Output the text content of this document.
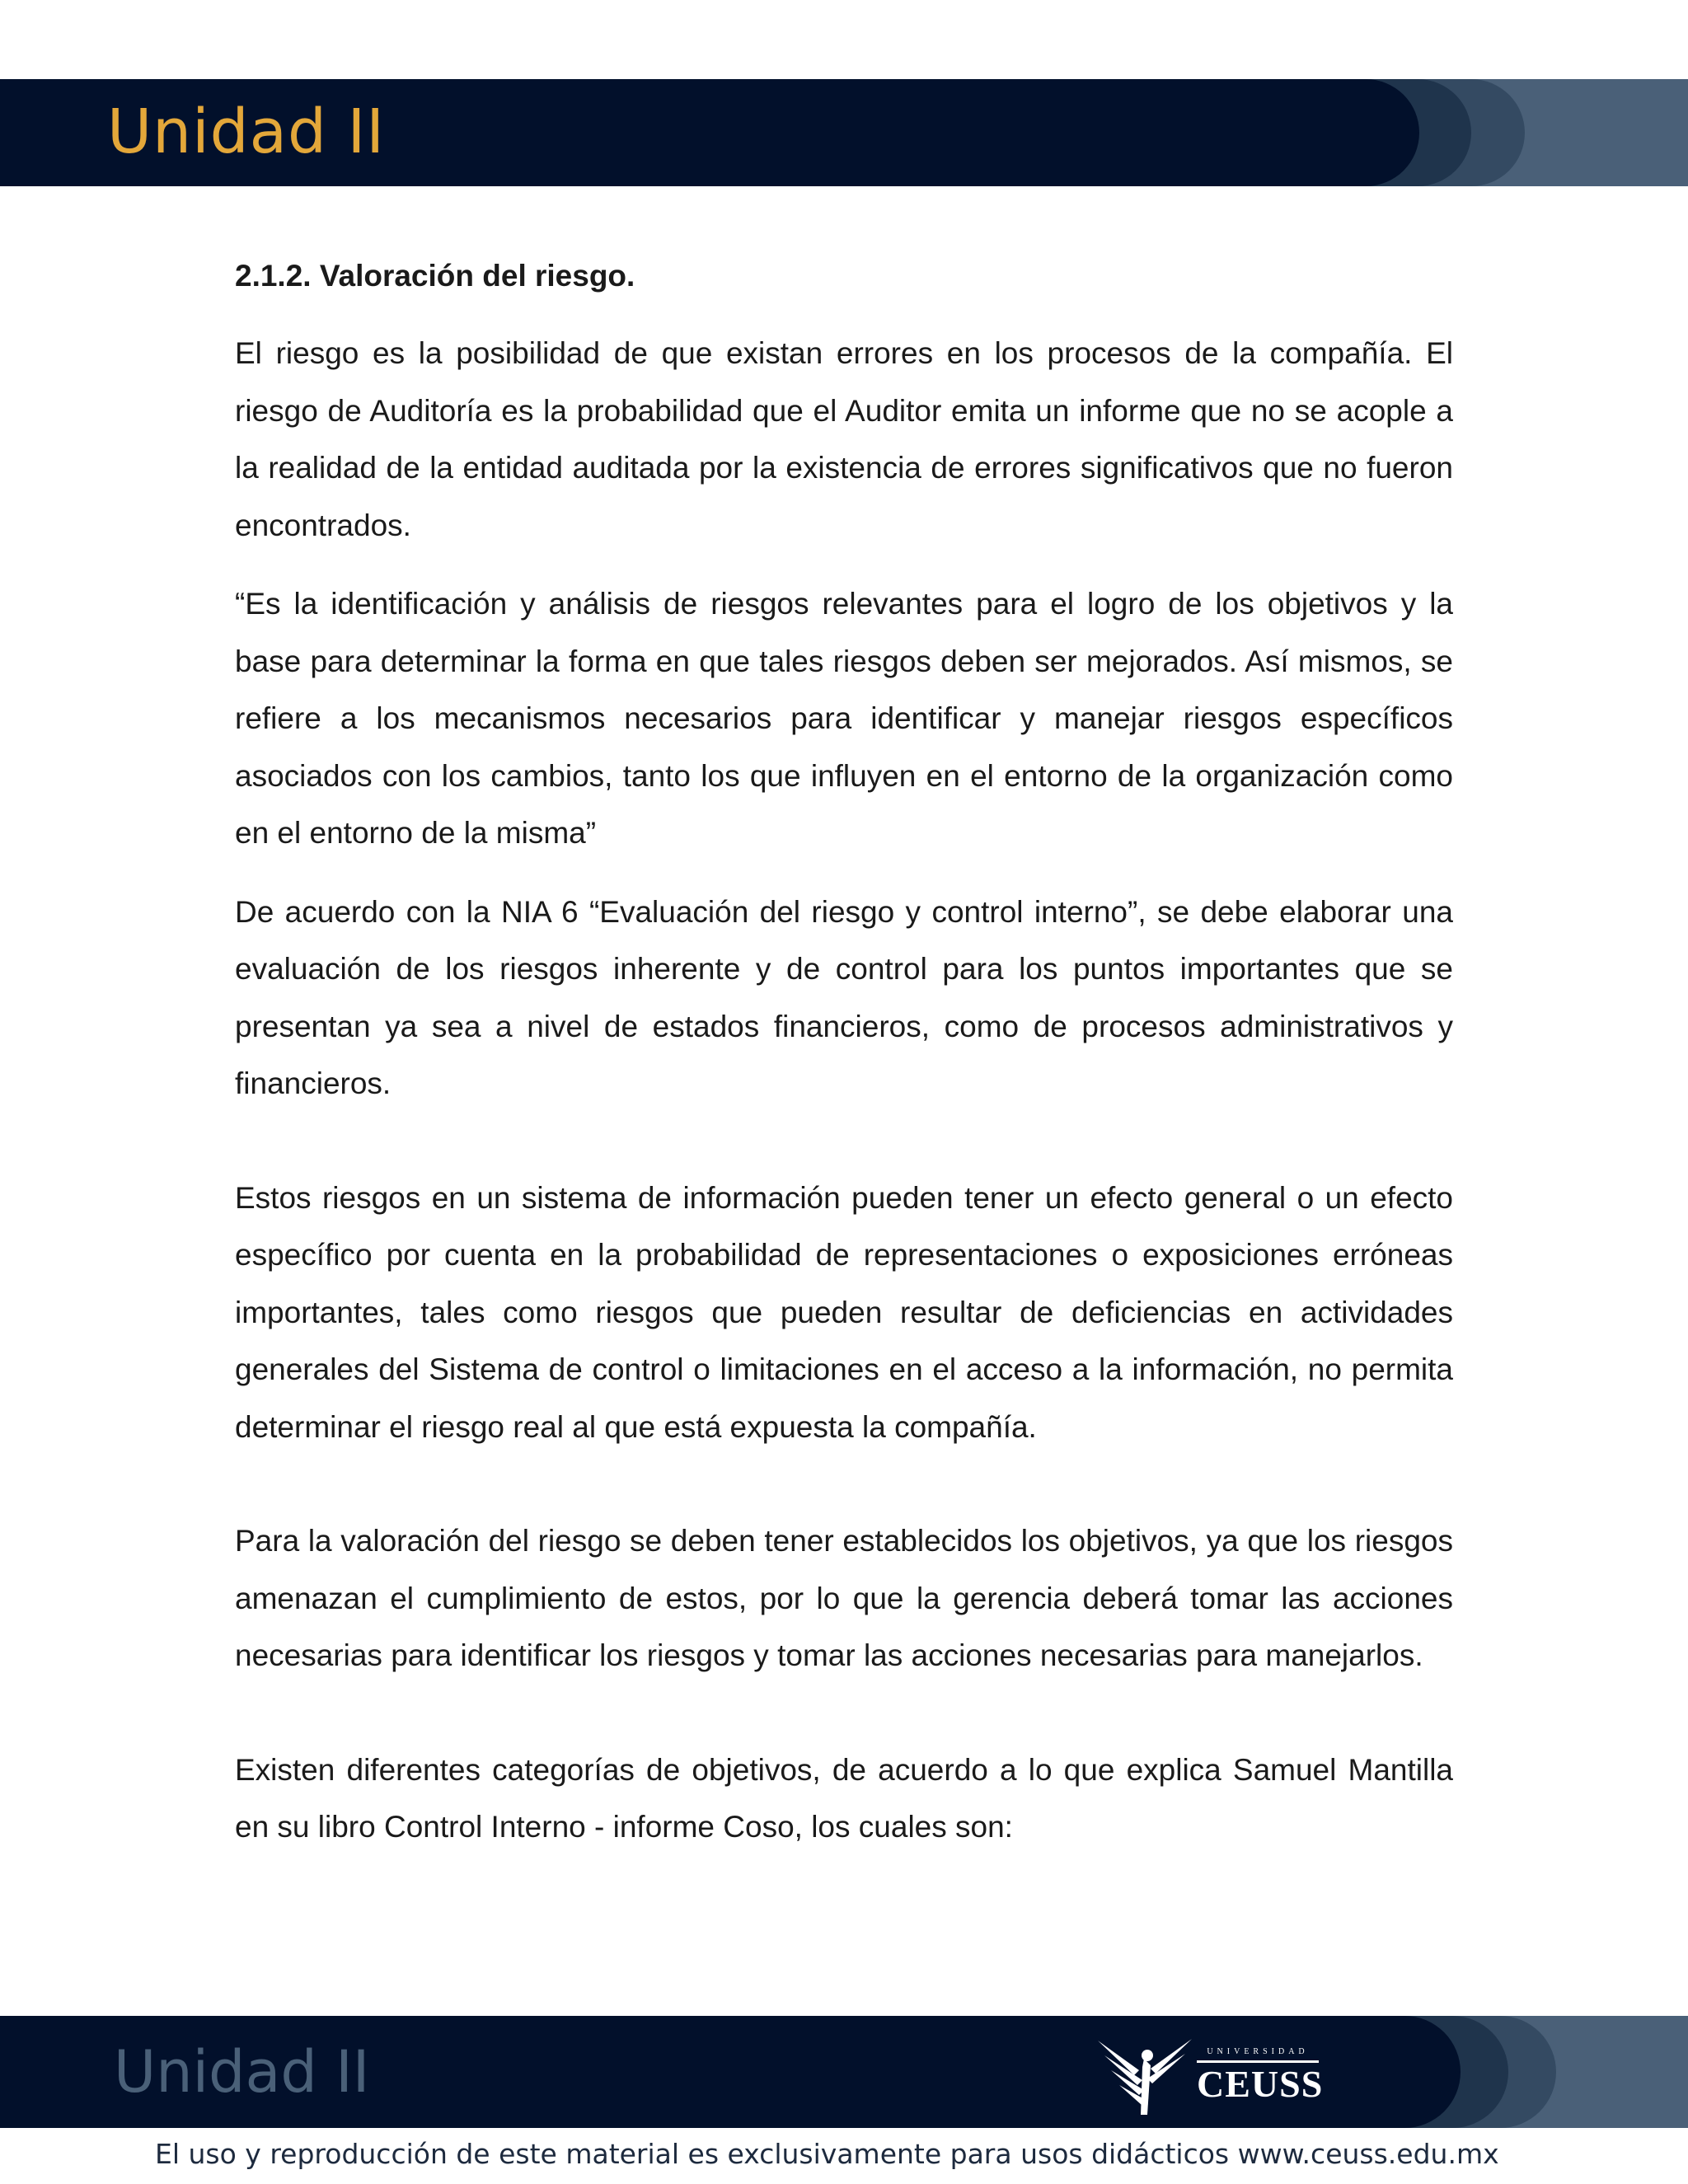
Unidad II
2.1.2. Valoración del riesgo.

El riesgo es la posibilidad de que existan errores en los procesos de la compañía. El riesgo de Auditoría es la probabilidad que el Auditor emita un informe que no se acople a la realidad de la entidad auditada por la existencia de errores significativos que no fueron encontrados.

“Es la identificación y análisis de riesgos relevantes para el logro de los objetivos y la base para determinar la forma en que tales riesgos deben ser mejorados. Así mismos, se refiere a los mecanismos necesarios para identificar y manejar riesgos específicos asociados con los cambios, tanto los que influyen en el entorno de la organización como en el entorno de la misma”

De acuerdo con la NIA 6 “Evaluación del riesgo y control interno”, se debe elaborar una evaluación de los riesgos inherente y de control para los puntos importantes que se presentan ya sea a nivel de estados financieros, como de procesos administrativos y financieros.

Estos riesgos en un sistema de información pueden tener un efecto general o un efecto específico por cuenta en la probabilidad de representaciones o exposiciones erróneas importantes, tales como riesgos que pueden resultar de deficiencias en actividades generales del Sistema de control o limitaciones en el acceso a la información, no permita determinar el riesgo real al que está expuesta la compañía.

Para la valoración del riesgo se deben tener establecidos los objetivos, ya que los riesgos amenazan el cumplimiento de estos, por lo que la gerencia deberá tomar las acciones necesarias para identificar los riesgos y tomar las acciones necesarias para manejarlos.

Existen diferentes categorías de objetivos, de acuerdo a lo que explica Samuel Mantilla en su libro Control Interno - informe Coso, los cuales son:

Unidad II	UNIVERSIDAD
CEUSS
El uso y reproducción de este material es exclusivamente para usos didácticos www.ceuss.edu.mx
